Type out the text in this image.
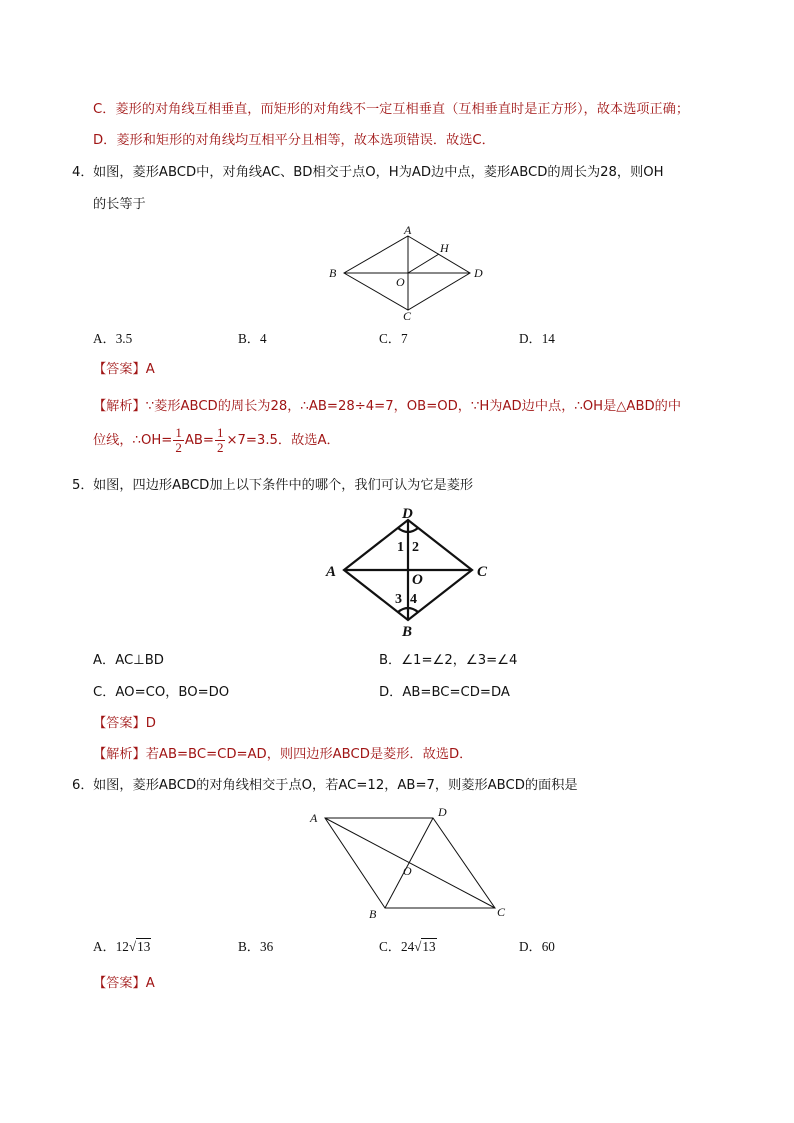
C．菱形的对角线互相垂直，而矩形的对角线不一定互相垂直（互相垂直时是正方形），故本选项正确；
D．菱形和矩形的对角线均互相平分且相等，故本选项错误．故选C．
4． 如图，菱形ABCD中，对角线AC、BD相交于点O，H为AD边中点，菱形ABCD的周长为28，则OH
的长等于
A
H
B	D
O
C
A．3.5	B．4	C．7	D．14
【答案】A
【解析】∵菱形ABCD的周长为28，∴AB=28÷4=7，OB=OD，∵H为AD边中点，∴OH是△ABD的中
位线，∴OH= $\frac{1}{2} AB= \frac{1}{2} \times 7=3.5$．故选A．
5． 如图，四边形ABCD加上以下条件中的哪个，我们可认为它是菱形
D
A	C
O
B
1 2
3 4
A．AC⊥BD	B．∠1=∠2，∠3=∠4
C．AO=CO，BO=DO	D．AB=BC=CD=DA
【答案】D
【解析】若AB=BC=CD=AD，则四边形ABCD是菱形．故选D．
6． 如图，菱形ABCD的对角线相交于点O，若AC=12，AB=7，则菱形ABCD的面积是
A	D
O
B	C
A．12√13	B．36	C．24√13	D．60
【答案】A
